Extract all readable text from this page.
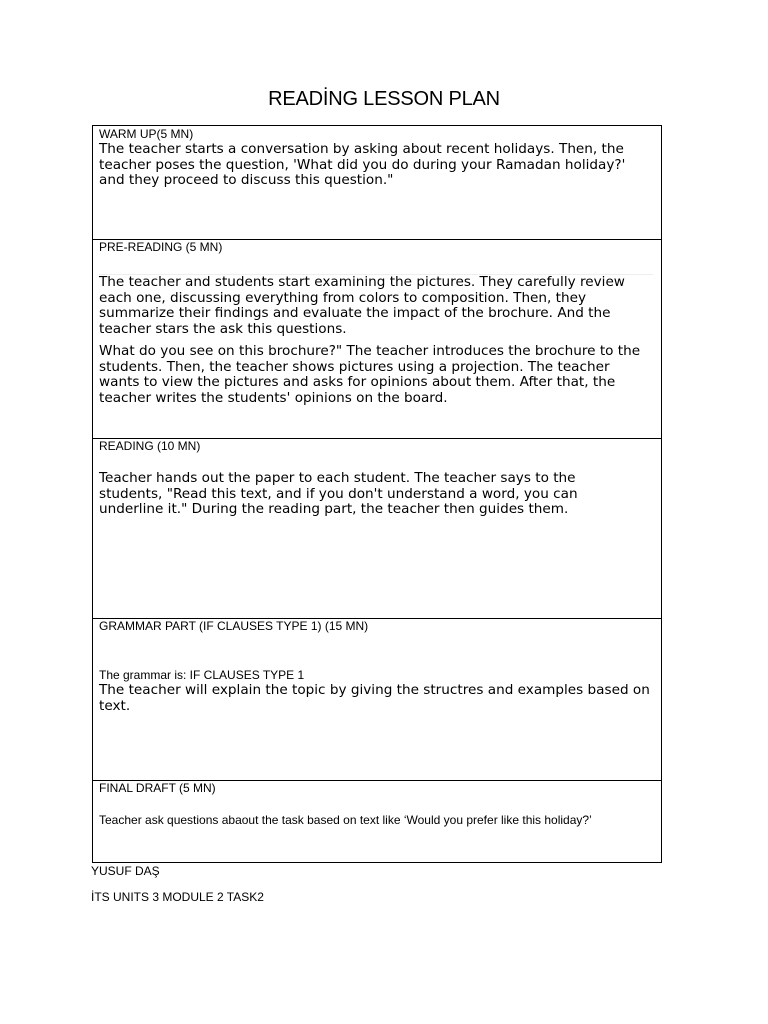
READİNG LESSON PLAN
WARM UP(5 MN)
The teacher starts a conversation by asking about recent holidays. Then, the teacher poses the question, 'What did you do during your Ramadan holiday?' and they proceed to discuss this question."
PRE-READING (5 MN)
The teacher and students start examining the pictures. They carefully review each one, discussing everything from colors to composition. Then, they summarize their findings and evaluate the impact of the brochure. And the teacher stars the ask this questions.
What do you see on this brochure?" The teacher introduces the brochure to the students. Then, the teacher shows pictures using a projection. The teacher wants to view the pictures and asks for opinions about them. After that, the teacher writes the students' opinions on the board.
READING (10 MN)
Teacher hands out the paper to each student. The teacher says to the students, "Read this text, and if you don't understand a word, you can underline it." During the reading part, the teacher then guides them.
GRAMMAR PART (IF CLAUSES TYPE 1) (15 MN)
The grammar is: IF CLAUSES TYPE 1
The teacher will explain the topic by giving the structres and examples based on text.
FINAL DRAFT (5 MN)
Teacher ask questions abaout the task based on text like ‘Would you prefer like this holiday?’
YUSUF DAŞ
İTS UNITS 3 MODULE 2 TASK2
